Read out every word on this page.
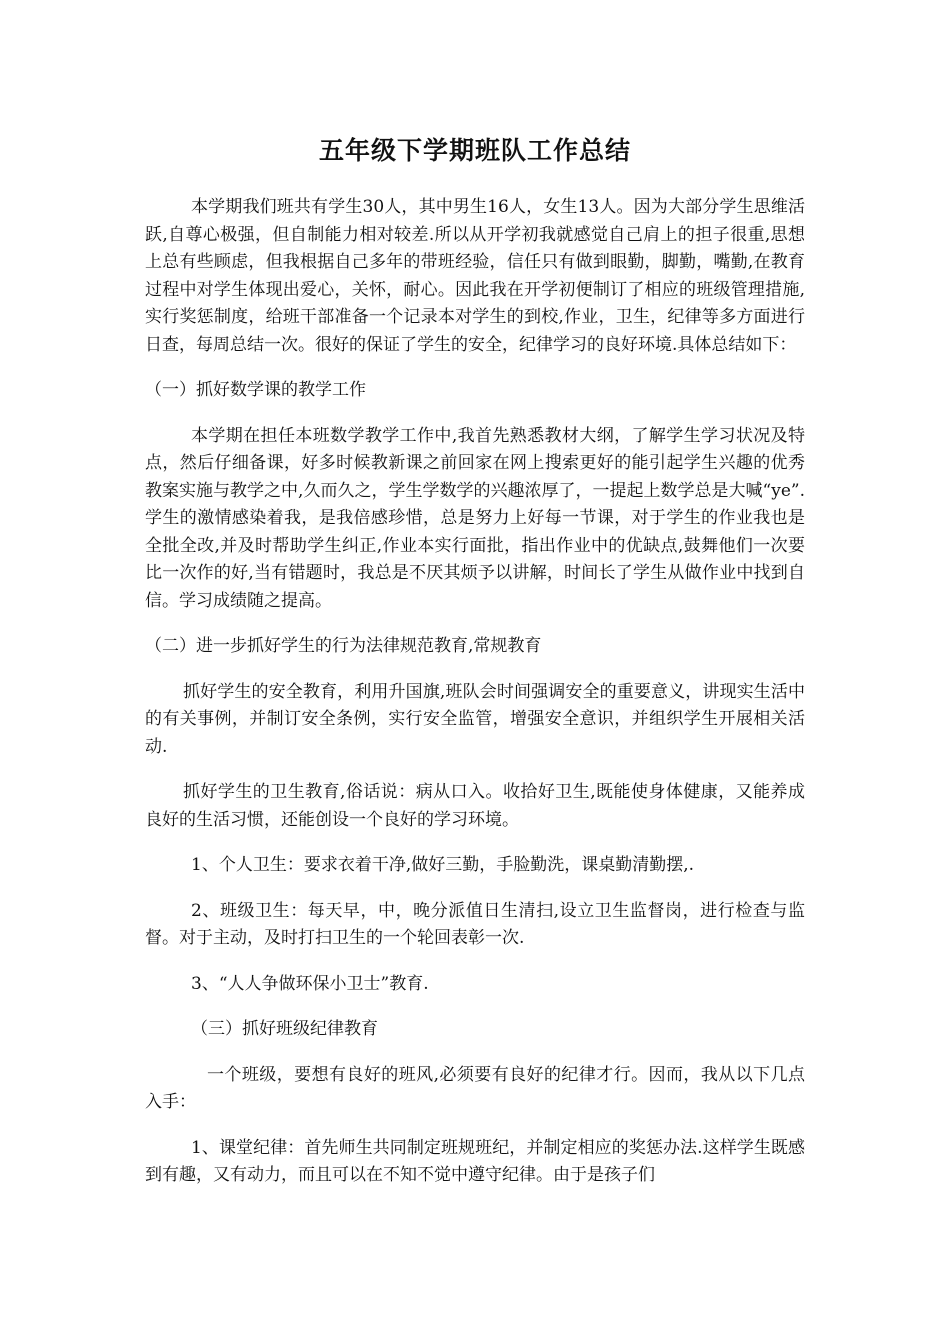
五年级下学期班队工作总结

本学期我们班共有学生30人，其中男生16人，女生13人。因为大部分学生思维活跃,自尊心极强，但自制能力相对较差.所以从开学初我就感觉自己肩上的担子很重,思想上总有些顾虑，但我根据自己多年的带班经验，信任只有做到眼勤，脚勤，嘴勤,在教育过程中对学生体现出爱心，关怀，耐心。因此我在开学初便制订了相应的班级管理措施,实行奖惩制度，给班干部准备一个记录本对学生的到校,作业，卫生，纪律等多方面进行日查，每周总结一次。很好的保证了学生的安全，纪律学习的良好环境.具体总结如下：

（一）抓好数学课的教学工作

本学期在担任本班数学教学工作中,我首先熟悉教材大纲，了解学生学习状况及特点，然后仔细备课，好多时候教新课之前回家在网上搜索更好的能引起学生兴趣的优秀教案实施与教学之中,久而久之，学生学数学的兴趣浓厚了，一提起上数学总是大喊“ye”.学生的激情感染着我，是我倍感珍惜，总是努力上好每一节课，对于学生的作业我也是全批全改,并及时帮助学生纠正,作业本实行面批，指出作业中的优缺点,鼓舞他们一次要比一次作的好,当有错题时，我总是不厌其烦予以讲解，时间长了学生从做作业中找到自信。学习成绩随之提高。

（二）进一步抓好学生的行为法律规范教育,常规教育

抓好学生的安全教育，利用升国旗,班队会时间强调安全的重要意义，讲现实生活中的有关事例，并制订安全条例，实行安全监管，增强安全意识，并组织学生开展相关活动.

抓好学生的卫生教育,俗话说：病从口入。收拾好卫生,既能使身体健康，又能养成良好的生活习惯，还能创设一个良好的学习环境。

1、个人卫生：要求衣着干净,做好三勤，手脸勤洗，课桌勤清勤摆,.

2、班级卫生：每天早，中，晚分派值日生清扫,设立卫生监督岗，进行检查与监督。对于主动，及时打扫卫生的一个轮回表彰一次.

3、“人人争做环保小卫士”教育.

（三）抓好班级纪律教育

一个班级，要想有良好的班风,必须要有良好的纪律才行。因而，我从以下几点入手：

1、课堂纪律：首先师生共同制定班规班纪，并制定相应的奖惩办法.这样学生既感到有趣，又有动力，而且可以在不知不觉中遵守纪律。由于是孩子们
